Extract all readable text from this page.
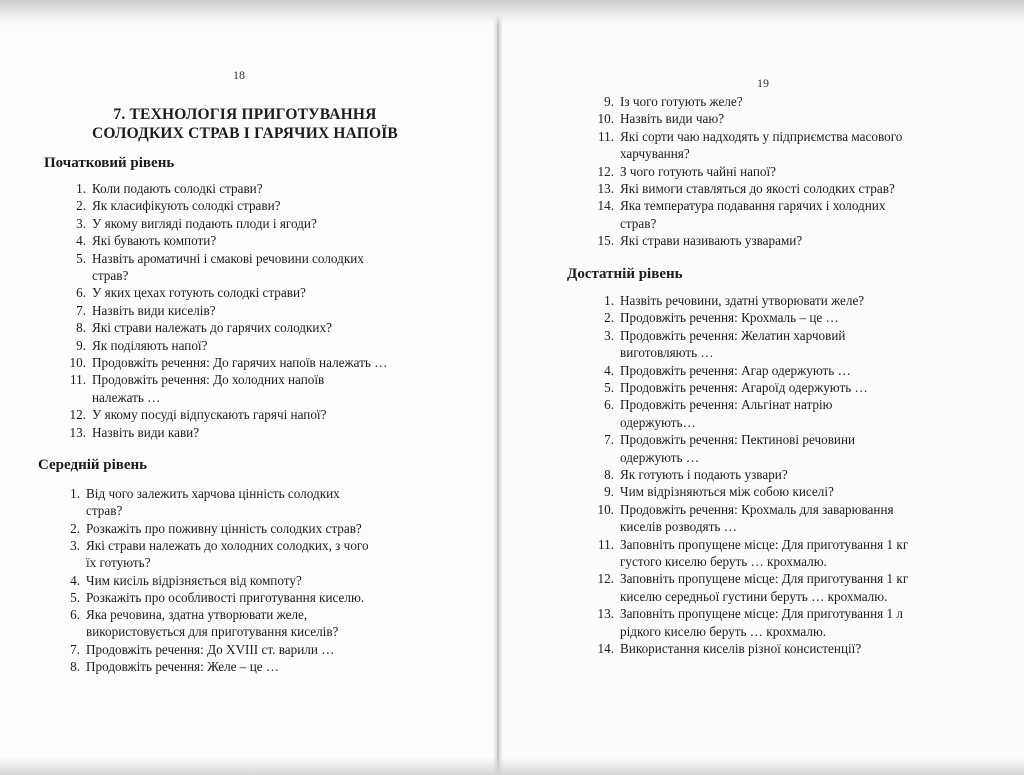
18
7. ТЕХНОЛОГІЯ ПРИГОТУВАННЯ
СОЛОДКИХ СТРАВ І ГАРЯЧИХ НАПОЇВ
Початковий рівень
1. Коли подають солодкі страви?
2. Як класифікують солодкі страви?
3. У якому вигляді подають плоди і ягоди?
4. Які бувають компоти?
5. Назвіть ароматичні і смакові речовини солодких
страв?
6. У яких цехах готують солодкі страви?
7. Назвіть види киселів?
8. Які страви належать до гарячих солодких?
9. Як поділяють напої?
10. Продовжіть речення: До гарячих напоїв належать …
11. Продовжіть речення: До холодних напоїв
належать …
12. У якому посуді відпускають гарячі напої?
13. Назвіть види кави?
Середній рівень
1. Від чого залежить харчова цінність солодких
страв?
2. Розкажіть про поживну цінність солодких страв?
3. Які страви належать до холодних солодких, з чого
їх готують?
4. Чим кисіль відрізняється від компоту?
5. Розкажіть про особливості приготування киселю.
6. Яка речовина, здатна утворювати желе,
використовується для приготування киселів?
7. Продовжіть речення: До XVIII ст. варили …
8. Продовжіть речення: Желе – це …
19
9. Із чого готують желе?
10. Назвіть види чаю?
11. Які сорти чаю надходять у підприємства масового
харчування?
12. З чого готують чайні напої?
13. Які вимоги ставляться до якості солодких страв?
14. Яка температура подавання гарячих і холодних
страв?
15. Які страви називають узварами?
Достатній рівень
1. Назвіть речовини, здатні утворювати желе?
2. Продовжіть речення: Крохмаль – це …
3. Продовжіть речення: Желатин харчовий
виготовляють …
4. Продовжіть речення: Агар одержують …
5. Продовжіть речення: Агароїд одержують …
6. Продовжіть речення: Альгінат натрію
одержують…
7. Продовжіть речення: Пектинові речовини
одержують …
8. Як готують і подають узвари?
9. Чим відрізняються між собою киселі?
10. Продовжіть речення: Крохмаль для заварювання
киселів розводять …
11. Заповніть пропущене місце: Для приготування 1 кг
густого киселю беруть … крохмалю.
12. Заповніть пропущене місце: Для приготування 1 кг
киселю середньої густини беруть … крохмалю.
13. Заповніть пропущене місце: Для приготування 1 л
рідкого киселю беруть … крохмалю.
14. Використання киселів різної консистенції?
